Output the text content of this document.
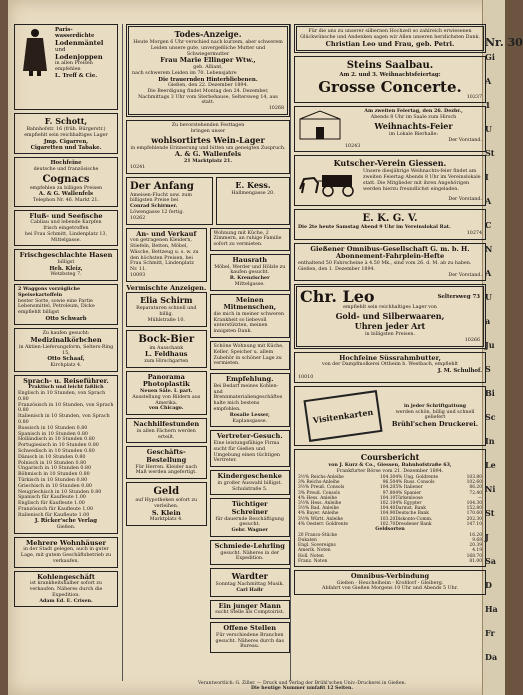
Nr. 30
Gi
A
1
U
St
I
A
C
N
A
U
a
Ju
S
Bi
Sc
In
Le
Ni
St
J
Sa
D
Ha
Fr
Da

Paris-

wasserdichte

Lodenmäntel

und

Lodenjoppen

in allen Preisen

empfehlen

L. Treff & Cie.

F. Schott,

Bahnhofstr. 16 (früh. Bürgerstr.)

empfiehlt sein reichhaltiges Lager

Jmp. Cigarren,

Cigaretten und Tabake.

Hochfeine

deutsche und französische

Cognacs

empfehlen zu billigen Preisen

A. & G. Wallenfels

Telephon Nr. 46. Markt 21.

Fluß- und Seefische

Cabliau und lebende Karpfen

frisch eingetroffen

bei Frau Schmitt, Lindenplatz 13, Mittelgasse.

Frischgeschlachte Hasen

billigst

Heh. Kleiz,

Wetzbsteg 7.

2 Waggons vorzügliche Speisekartoffeln

bester Sorte, sowie eine Partie

Lebensmittel, Petroleum, Dicke

empfiehlt billigst

Otto Schwarb

Zu kaufen gesucht:

Medizinalkörbchen

in Aktien-Lieferungsform, Selters-Ring 15,

Otto Schaaf,

Kirchplatz 4.

Sprach- u. Reiseführer.

Praktisch und leicht faßlich

Englisch in 10 Stunden, von Sprach 0.80

Französisch in 10 Stunden, von Sprach 0.80

Italienisch in 10 Stunden, von Sprach 0.80

Russisch in 10 Stunden 0.80

Spanisch in 10 Stunden 0.80

Holländisch in 10 Stunden 0.80

Portugiesisch in 10 Stunden 0.80

Schwedisch in 10 Stunden 0.80

Dänisch in 10 Stunden 0.80

Polnisch in 10 Stunden 0.80

Ungarisch in 10 Stunden 0.80

Böhmisch in 10 Stunden 0.80

Türkisch in 10 Stunden 0.80

Griechisch in 10 Stunden 0.80

Neugriechisch in 10 Stunden 0.80

Spanisch für Kaufleute 1.00

Englisch für Kaufleute 1.00

Französisch für Kaufleute 1.00

Italienisch für Kaufleute 1.00

J. Ricker'sche Verlag

Gießen.

Mehrere Wohnhäuser

in der Stadt gelegen, auch in guter Lage, mit gutem Geschäftsbetrieb zu verkaufen.

Kohlengeschäft

ist krankheitshalber sofort zu verkaufen. Näheres durch die Expedition.

Adam Ed. E. Crisen.

Todes-Anzeige.

Heute Morgen 6 Uhr verschied nach kurzem, aber schwerem Leiden unsere gute, unvergeßliche Mutter und Schwiegermutter

Frau Marie Ellinger Wtw.,

geb. Alliant,

nach schwerem Leiden im 70. Lebensjahre

Die trauernden Hinterbliebenen.

Gießen, den 22. Dezember 1894.

Die Beerdigung findet Montag den 24. Dezember, Nachmittags 3 Uhr vom Sterbehause, Seltersweg 14, aus statt.

10268

Zu bevorstehenden Festtagen

bringen unser

wohlsortirtes Wein-Lager

in empfehlende Erinnerung und bitten um geneigten Zuspruch.

A. & G. Wallenfels

21 Marktplatz 21.

10241

Der Anfang

Ameisen-Flucht usw. zum billigsten Preise bei

Conrad Schirmer.

Löwengasse 12 fertig.

10262

E. Kess.

Hallmengasse 20.

An- und Verkauf

von getragenen Kleidern, Stiefeln, Betten, Möbel, Wäsche, Bettzeug u. s. w. zu den höchsten Preisen, bei Frau Schmitt, Lindenplatz Nr. 11.

10093

Vermischte Anzeigen.

Elia Schirm

Reparaturen schnell und billig.

Mühlstraße 10.

Bock-Bier

im Ausschank

L. Feldhaus

zum Hirschgarten

Panorama Photoplastik

Neuen Säle. I. part.

Ausstellung von Bildern aus Amerika.

von Chicago.

Nachhilfestunden

in allen Fächern werden erteilt.

Geschäfts-Bestellung

Für Herren. Kleider nach Maß werden angefertigt.

Geld

auf Hypotheken sofort zu verleihen.

S. Klein

Marktplatz 4.

Wohnung mit Küche, 2 Zimmern, an ruhige Familie sofort zu vermieten.

Hausrath

Möbel, Werder und Hölzle zu kaufen gesucht.

R. Krenzischer

Mittelgasse.

Meinen Mitmenschen,

die mich in meiner schweren Krankheit so liebevoll unterstützten, meinen innigsten Dank.

Schöne Wohnung mit Küche, Keller, Speicher u. allem Zubehör in schöner Lage zu vermieten.

Empfehlung.

Bei Bedarf meines Kohlen- und Brennmaterialiengeschäftes halte mich bestens empfohlen.

Rosalie Lesser,

Kaplansgasse.

Vertreter-Gesuch.

Eine leistungsfähige Firma sucht für Gießen und Umgebung einen tüchtigen Vertreter.

Kindergeschenke

in großer Auswahl billigst.

Schulstraße 5.

Tüchtiger Schreiner

für dauernde Beschäftigung gesucht.

Gebr. Wagner

Schmiede-Lehrling

gesucht. Näheres in der Expedition.

Wardter

Sonntag Nachmittag Musik.

Carl Hallr

Ein junger Mann

sucht Stelle als Comptoirist.

Offene Stellen

Für verschiedene Branchen gesucht. Näheres durch das Bureau.

Für die uns zu unserer silbernen Hochzeit so zahlreich erwiesenen Glückwünsche und Andenken sagen wir Allen unseren herzlichsten Dank.

Christian Leo und Frau, geb. Petri.

Steins Saalbau.

Am 2. und 3. Weihnachtsfeiertag:

Grosse Concerte.

10237

Am zweiten Feiertag, den 26. Dezbr.,

Abends 8 Uhr im Saale zum Hirsch

Weihnachts-Feier

im Lokale Bierhalle:

Der Vorstand.

10243

Kutscher-Verein Giessen.

Unsere diesjährige Weihnachts-feier findet am zweiten Feiertag Abends 8 Uhr im Vereinslokale statt. Die Mitglieder mit ihren Angehörigen werden hierzu freundlichst eingeladen.

Der Vorstand.

E. K. G. V.

Die 2te heute Samstag Abend 9 Uhr im Vereinslokal Rat.

10274

Gießener Omnibus-Gesellschaft G. m. b. H.

Abonnement-Fahrplein-Hefte

enthaltend 50 Fahrscheine à 4.50 Mk., sind vom 26. d. M. ab zu haben.

Gießen, den 1. Dezember 1894.

Der Vorstand.

Chr. Leo	Seltersweg 73

empfiehlt sein reichhaltiges Lager von

Gold- und Silberwaaren,

Uhren jeder Art

in billigsten Preisen.

10266

Hochfeine Süssrahmbutter,

von der Dampfmolkerei Ottheim b. Westbach, empfiehlt

J. M. Schulhof.

10010

Visitenkarten

in jeder Schriftgattung

werden schön, billig und schnell geliefert

Brühl'schen Druckerei.

Coursbericht

von J. Kurz & Co., Giessen, Bahnhofstraße 63,

Frankfurter Börse vom 21. Dezember 1894.

3½% Reichs-Anleihe	104.30	4% Ung. Goldrente	103.80
3% Reichs-Anleihe	96.50	4% Russ. Consols	102.60
3½% Preuß. Consols	104.20	5% Italiener	86.20
3% Preuß. Consols	97.80	4% Spanier	72.40
4% Hess. Anleihe	104.10	Türkenloose	—
3½% Hess. Anleihe	102.10	4% Egypter	104.30
3½% Bad. Anleihe	104.40	Darmst. Bank	152.80
4% Bayer. Anleihe	104.90	Deutsche Bank	170.60
3½% Württ. Anleihe	103.20	Diskonto-Comm.	202.30
4% Oesterr. Goldrente	102.70	Dresdener Bank	147.10

Geldsorten

20 Francs-Stücke	16.20
Dukaten	9.68
Engl. Sovereigns	20.39
Amerik. Noten	4.19
Holl. Noten	168.70
Franz. Noten	81.00

Omnibus-Verbindung

Gießen - Heuchelheim - Krofdorf - Gleiberg.

Abfahrt von Gießen Morgens 10 Uhr und Abends 5 Uhr.

Verantwortlich: G. Ziller. — Druck und Verlag der Brühl'schen Univ.-Druckerei in Gießen.
Die heutige Nummer umfaßt 12 Seiten.
